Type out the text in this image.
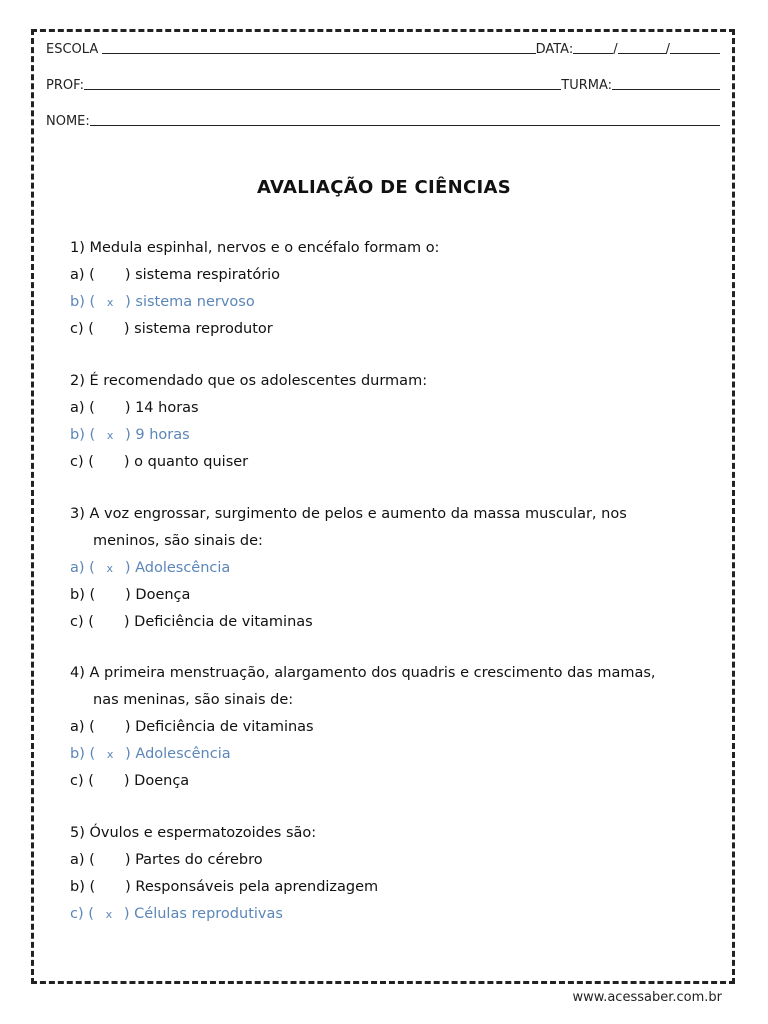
ESCOLA	DATA:	/	/
PROF:	TURMA:
NOME:
AVALIAÇÃO DE CIÊNCIAS
1) Medula espinhal, nervos e o encéfalo formam o:
a) ( ) sistema respiratório
b) ( x ) sistema nervoso
c) ( ) sistema reprodutor
2) É recomendado que os adolescentes durmam:
a) ( ) 14 horas
b) ( x ) 9 horas
c) ( ) o quanto quiser
3) A voz engrossar, surgimento de pelos e aumento da massa muscular, nos
meninos, são sinais de:
a) ( x ) Adolescência
b) ( ) Doença
c) ( ) Deficiência de vitaminas
4) A primeira menstruação, alargamento dos quadris e crescimento das mamas,
nas meninas, são sinais de:
a) ( ) Deficiência de vitaminas
b) ( x ) Adolescência
c) ( ) Doença
5) Óvulos e espermatozoides são:
a) ( ) Partes do cérebro
b) ( ) Responsáveis pela aprendizagem
c) ( x ) Células reprodutivas
www.acessaber.com.br
